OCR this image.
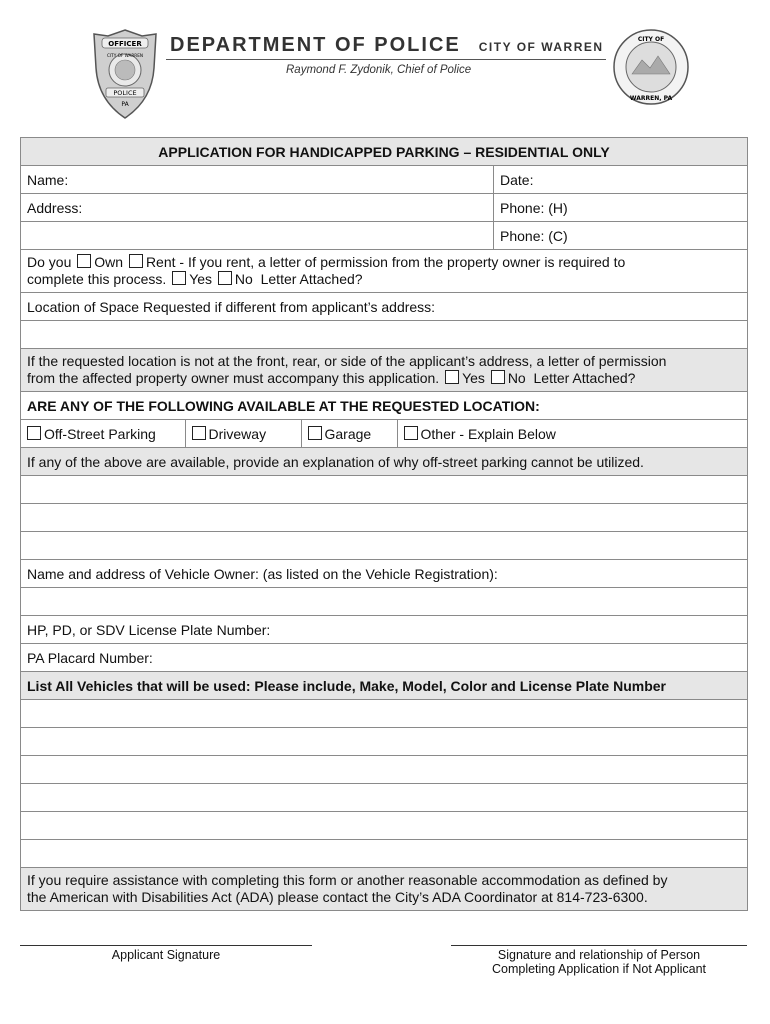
OFFICER
CITY OF WARREN
POLICE
PA
DEPARTMENT OF POLICE CITY OF WARREN
Raymond F. Zydonik, Chief of Police
CITY OF
WARREN, PA
APPLICATION FOR HANDICAPPED PARKING – RESIDENTIAL ONLY
Name:	Date:
Address:	Phone: (H)
	Phone: (C)

Do you Own Rent - If you rent, a letter of permission from the property owner is required to
complete this process. Yes No Letter Attached?

Location of Space Requested if different from applicant’s address:

If the requested location is not at the front, rear, or side of the applicant’s address, a letter of permission
from the affected property owner must accompany this application. Yes No Letter Attached?

ARE ANY OF THE FOLLOWING AVAILABLE AT THE REQUESTED LOCATION:

Off-Street Parking	Driveway	Garage	Other - Explain Below

If any of the above are available, provide an explanation of why off-street parking cannot be utilized.

Name and address of Vehicle Owner: (as listed on the Vehicle Registration):

HP, PD, or SDV License Plate Number:
PA Placard Number:
List All Vehicles that will be used: Please include, Make, Model, Color and License Plate Number

If you require assistance with completing this form or another reasonable accommodation as defined by
the American with Disabilities Act (ADA) please contact the City’s ADA Coordinator at 814-723-6300.
Applicant Signature	Signature and relationship of Person
Completing Application if Not Applicant
